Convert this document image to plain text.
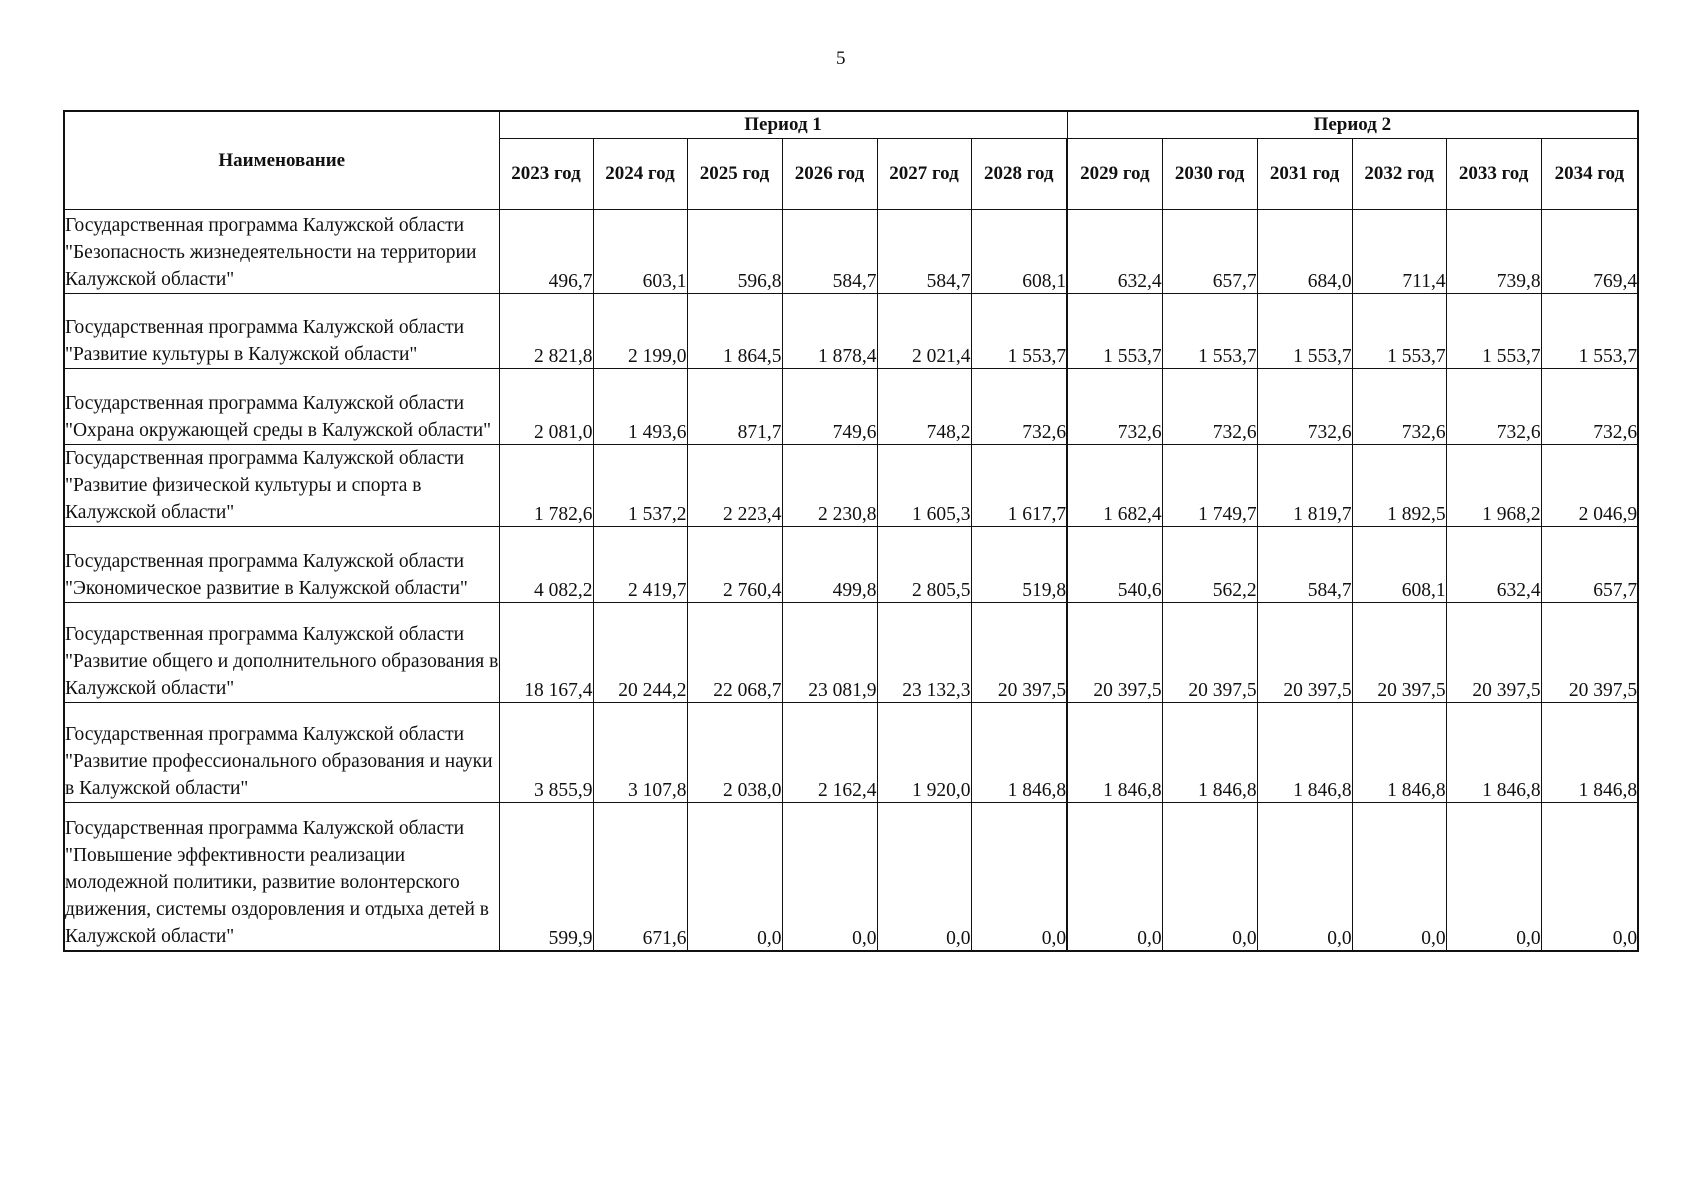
5
Наименование	Период 1						Период 2					
	2023 год	2024 год	2025 год	2026 год	2027 год	2028 год	2029 год	2030 год	2031 год	2032 год	2033 год	2034 год
Государственная программа Калужской области "Безопасность жизнедеятельности на территории Калужской области"	496,7	603,1	596,8	584,7	584,7	608,1	632,4	657,7	684,0	711,4	739,8	769,4
Государственная программа Калужской области "Развитие культуры в Калужской области"	2 821,8	2 199,0	1 864,5	1 878,4	2 021,4	1 553,7	1 553,7	1 553,7	1 553,7	1 553,7	1 553,7	1 553,7
Государственная программа Калужской области "Охрана окружающей среды в Калужской области"	2 081,0	1 493,6	871,7	749,6	748,2	732,6	732,6	732,6	732,6	732,6	732,6	732,6
Государственная программа Калужской области "Развитие физической культуры и спорта в Калужской области"	1 782,6	1 537,2	2 223,4	2 230,8	1 605,3	1 617,7	1 682,4	1 749,7	1 819,7	1 892,5	1 968,2	2 046,9
Государственная программа Калужской области "Экономическое развитие в Калужской области"	4 082,2	2 419,7	2 760,4	499,8	2 805,5	519,8	540,6	562,2	584,7	608,1	632,4	657,7
Государственная программа Калужской области "Развитие общего и дополнительного образования в Калужской области"	18 167,4	20 244,2	22 068,7	23 081,9	23 132,3	20 397,5	20 397,5	20 397,5	20 397,5	20 397,5	20 397,5	20 397,5
Государственная программа Калужской области "Развитие профессионального образования и науки в Калужской области"	3 855,9	3 107,8	2 038,0	2 162,4	1 920,0	1 846,8	1 846,8	1 846,8	1 846,8	1 846,8	1 846,8	1 846,8
Государственная программа Калужской области "Повышение эффективности реализации молодежной политики, развитие волонтерского движения, системы оздоровления и отдыха детей в Калужской области"	599,9	671,6	0,0	0,0	0,0	0,0	0,0	0,0	0,0	0,0	0,0	0,0
